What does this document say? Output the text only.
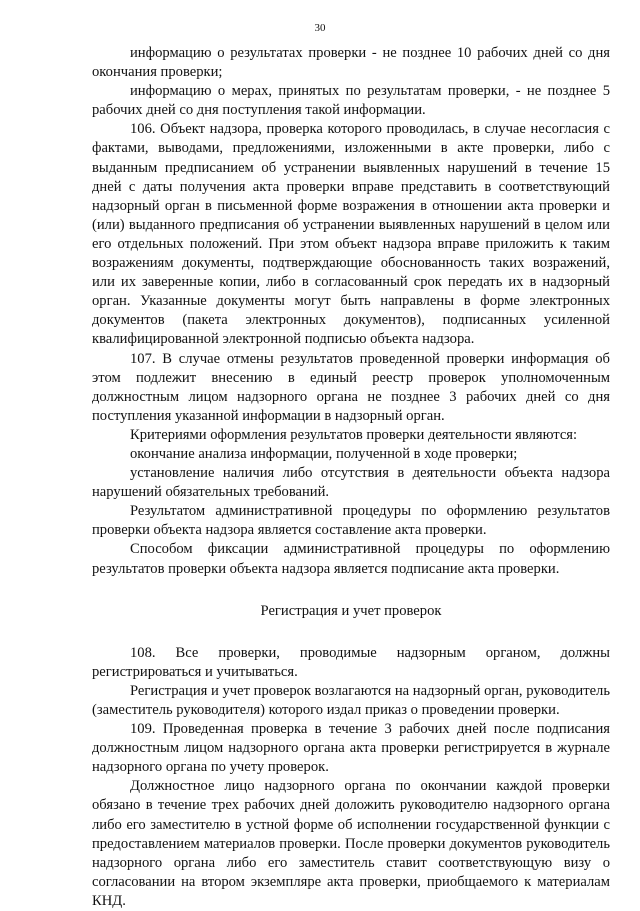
30

информацию о результатах проверки - не позднее 10 рабочих дней со дня окончания проверки;

информацию о мерах, принятых по результатам проверки, - не позднее 5 рабочих дней со дня поступления такой информации.

106. Объект надзора, проверка которого проводилась, в случае несогласия с фактами, выводами, предложениями, изложенными в акте проверки, либо с выданным предписанием об устранении выявленных нарушений в течение 15 дней с даты получения акта проверки вправе представить в соответствующий надзорный орган в письменной форме возражения в отношении акта проверки и (или) выданного предписания об устранении выявленных нарушений в целом или его отдельных положений. При этом объект надзора вправе приложить к таким возражениям документы, подтверждающие обоснованность таких возражений, или их заверенные копии, либо в согласованный срок передать их в надзорный орган. Указанные документы могут быть направлены в форме электронных документов (пакета электронных документов), подписанных усиленной квалифицированной электронной подписью объекта надзора.

107. В случае отмены результатов проведенной проверки информация об этом подлежит внесению в единый реестр проверок уполномоченным должностным лицом надзорного органа не позднее 3 рабочих дней со дня поступления указанной информации в надзорный орган.

Критериями оформления результатов проверки деятельности являются:

окончание анализа информации, полученной в ходе проверки;

установление наличия либо отсутствия в деятельности объекта надзора нарушений обязательных требований.

Результатом административной процедуры по оформлению результатов проверки объекта надзора является составление акта проверки.

Способом фиксации административной процедуры по оформлению результатов проверки объекта надзора является подписание акта проверки.

Регистрация и учет проверок

108. Все проверки, проводимые надзорным органом, должны регистрироваться и учитываться.

Регистрация и учет проверок возлагаются на надзорный орган, руководитель (заместитель руководителя) которого издал приказ о проведении проверки.

109. Проведенная проверка в течение 3 рабочих дней после подписания должностным лицом надзорного органа акта проверки регистрируется в журнале надзорного органа по учету проверок.

Должностное лицо надзорного органа по окончании каждой проверки обязано в течение трех рабочих дней доложить руководителю надзорного органа либо его заместителю в устной форме об исполнении государственной функции с предоставлением материалов проверки. После проверки документов руководитель надзорного органа либо его заместитель ставит соответствующую визу о согласовании на втором экземпляре акта проверки, приобщаемого к материалам КНД.
